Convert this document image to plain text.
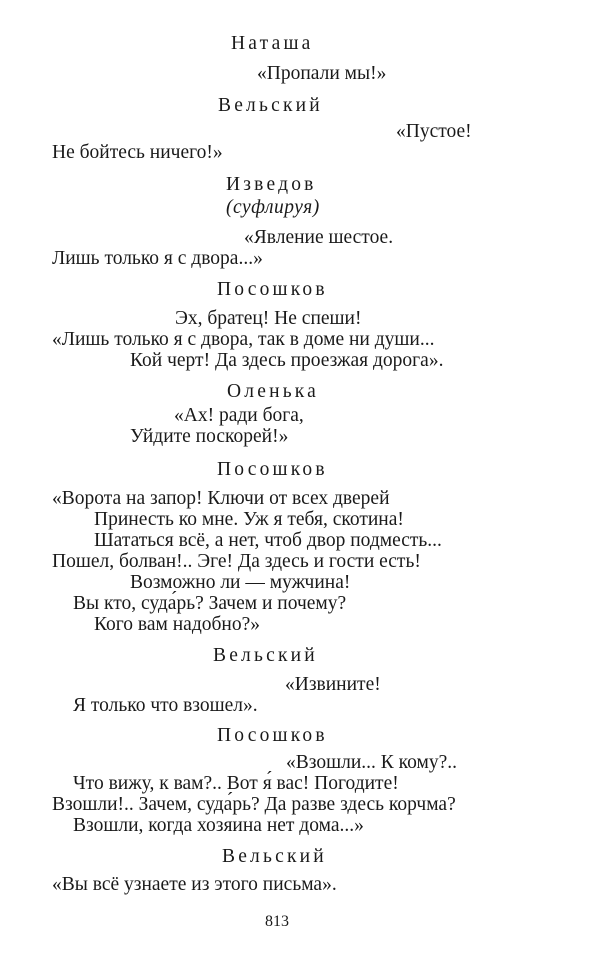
Наташа
«Пропали мы!»
Вельский
«Пустое!
Не бойтесь ничего!»
Изведов
(суфлируя)
«Явление шестое.
Лишь только я с двора...»
Посошков
Эх, братец! Не спеши!
«Лишь только я с двора, так в доме ни души...
Кой черт! Да здесь проезжая дорога».
Оленька
«Ах! ради бога,
Уйдите поскорей!»
Посошков
«Ворота на запор! Ключи от всех дверей
Принесть ко мне. Уж я тебя, скотина!
Шататься всё, а нет, чтоб двор подместь...
Пошел, болван!.. Эге! Да здесь и гости есть!
Возможно ли — мужчина!
Вы кто, суда́рь? Зачем и почему?
Кого вам надобно?»
Вельский
«Извините!
Я только что взошел».
Посошков
«Взошли... К кому?..
Что вижу, к вам?.. Вот я́ вас! Погодите!
Взошли!.. Зачем, суда́рь? Да разве здесь корчма?
Взошли, когда хозяина нет дома...»
Вельский
«Вы всё узнаете из этого письма».
813
